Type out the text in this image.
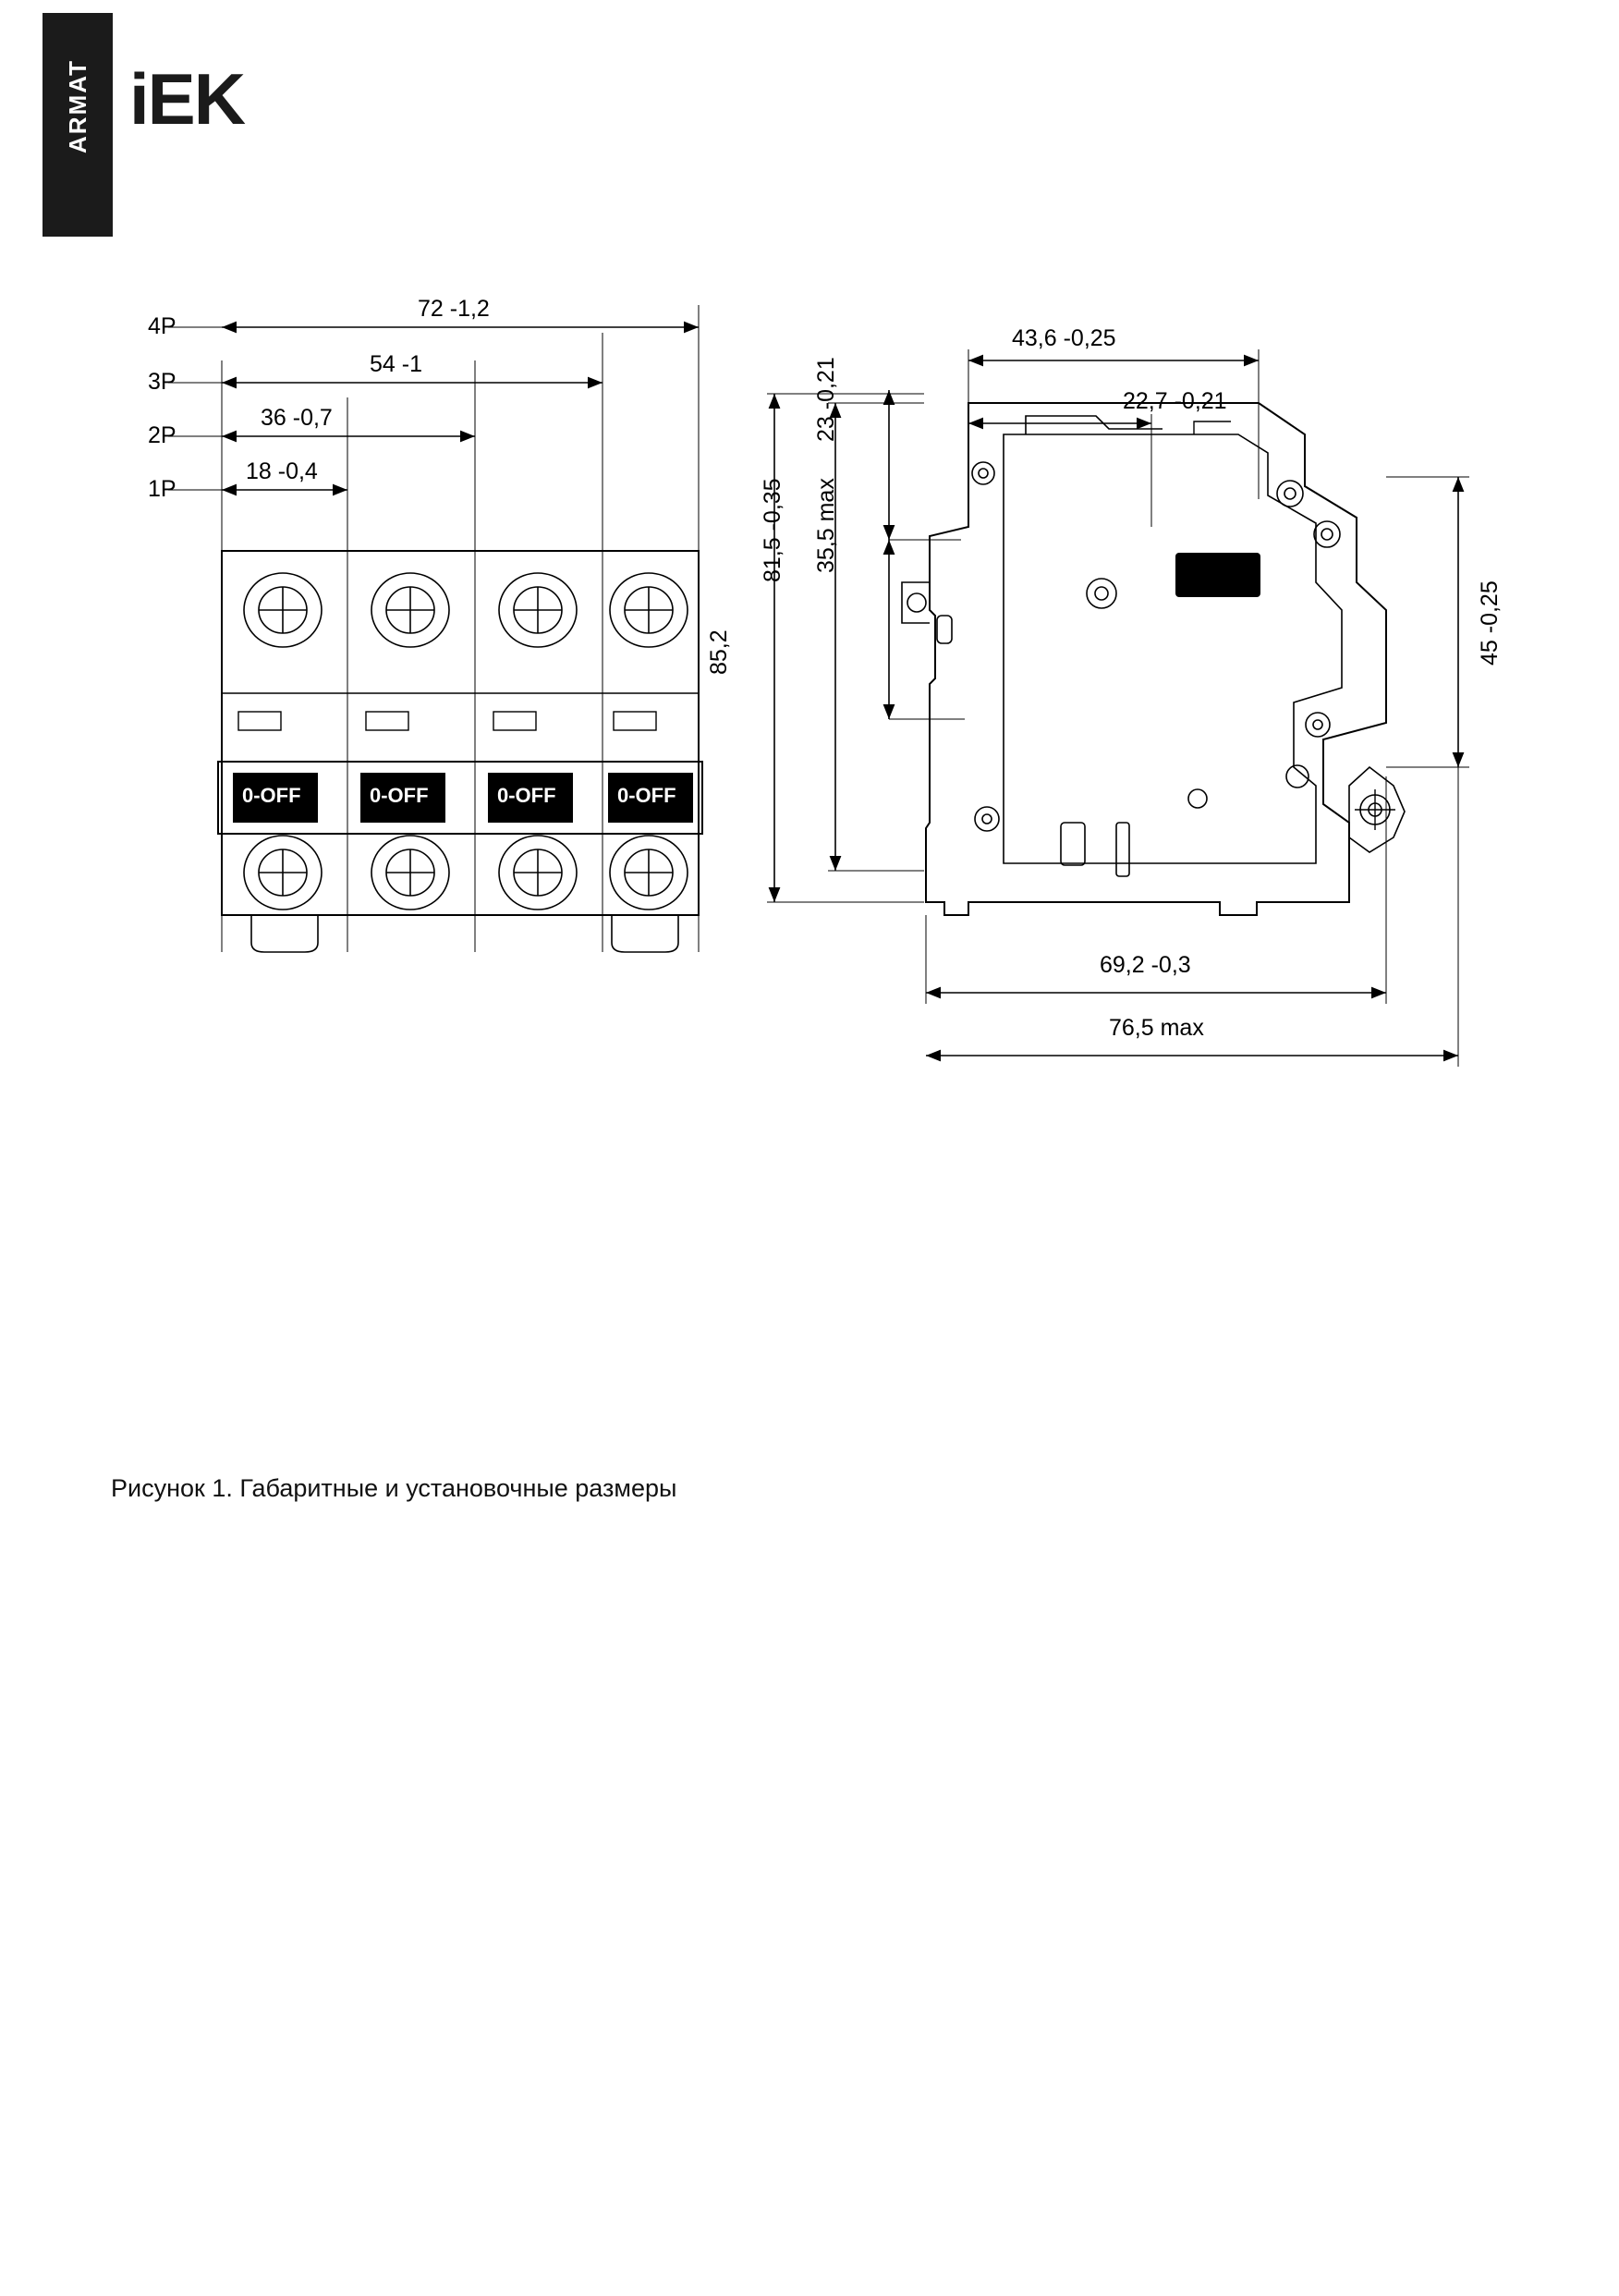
ARMAT iEK
4P
3P
2P
1P
72 -1,2
54 -1
36 -0,7
18 -0,4
0-OFF	0-OFF	0-OFF	0-OFF
43,6 -0,25
22,7 -0,21
23 -0,21
35,5 max
81,5 -0,35
85,2	45 -0,25
69,2 -0,3
76,5 max
Рисунок 1. Габаритные и установочные размеры
